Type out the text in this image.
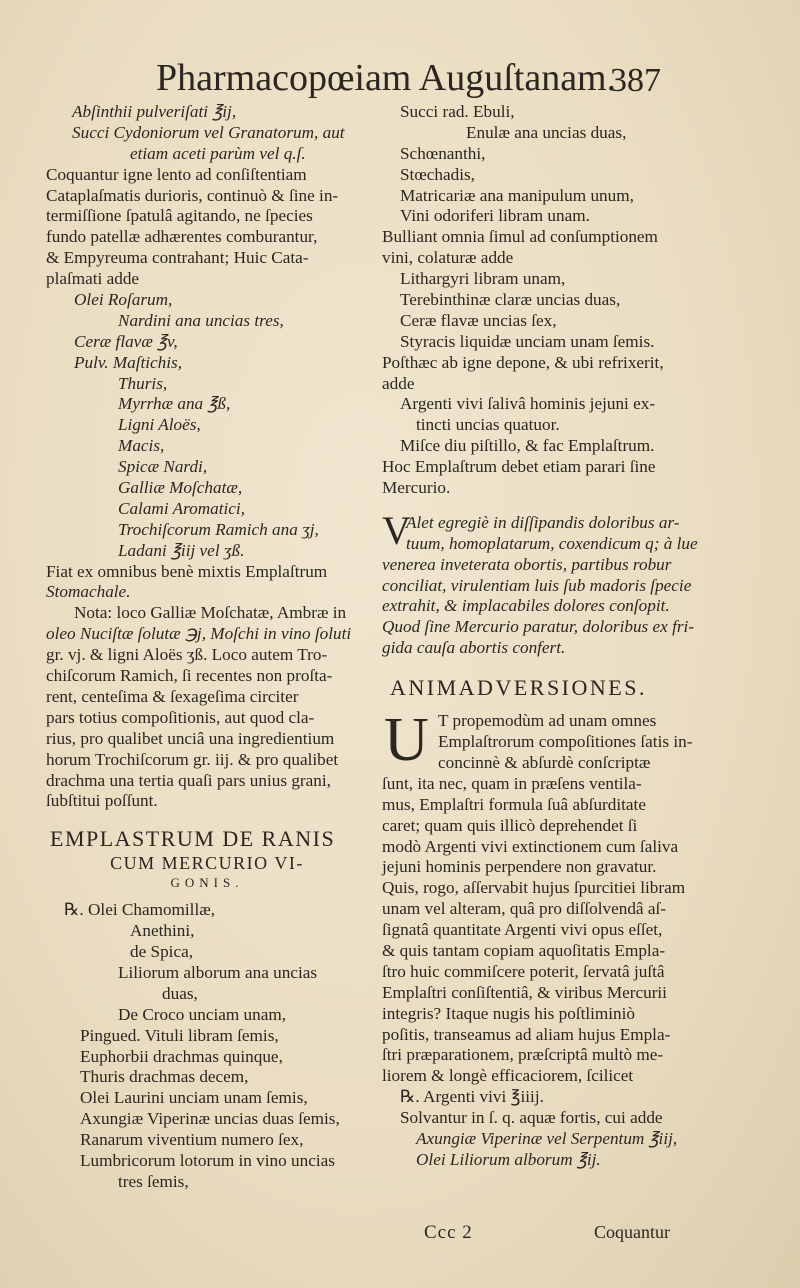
Pharmacopœiam Auguſtanam.
387
Abſinthii pulveriſati ℥ij,
Succi Cydoniorum vel Granatorum, aut
etiam aceti parùm vel q.ſ.
Coquantur igne lento ad conſiſtentiam
Cataplaſmatis durioris, continuò & ſine in-
termiſſione ſpatulâ agitando, ne ſpecies
fundo patellæ adhærentes comburantur,
& Empyreuma contrahant; Huic Cata-
plaſmati adde
Olei Roſarum,
Nardini ana uncias tres,
Ceræ flavæ ℥v,
Pulv. Maſtichis,
Thuris,
Myrrhæ ana ℥ß,
Ligni Aloës,
Macis,
Spicæ Nardi,
Galliæ Moſchatæ,
Calami Aromatici,
Trochiſcorum Ramich ana ʒj,
Ladani ℥iij vel ʒß.
Fiat ex omnibus benè mixtis Emplaſtrum
Stomachale.
Nota: loco Galliæ Moſchatæ, Ambræ in
oleo Nuciſtæ ſolutæ ℈j, Moſchi in vino ſoluti
gr. vj. & ligni Aloës ʒß. Loco autem Tro-
chiſcorum Ramich, ſi recentes non proſta-
rent, centeſima & ſexageſima circiter
pars totius compoſitionis, aut quod cla-
rius, pro qualibet unciâ una ingredientium
horum Trochiſcorum gr. iij. & pro qualibet
drachma una tertia quaſi pars unius grani,
ſubſtitui poſſunt.
EMPLASTRUM DE RANIS
CUM MERCURIO VI-
GONIS.
℞. Olei Chamomillæ,
Anethini,
de Spica,
Liliorum alborum ana uncias
duas,
De Croco unciam unam,
Pingued. Vituli libram ſemis,
Euphorbii drachmas quinque,
Thuris drachmas decem,
Olei Laurini unciam unam ſemis,
Axungiæ Viperinæ uncias duas ſemis,
Ranarum viventium numero ſex,
Lumbricorum lotorum in vino uncias
tres ſemis,
Succi rad. Ebuli,
Enulæ ana uncias duas,
Schœnanthi,
Stœchadis,
Matricariæ ana manipulum unum,
Vini odoriferi libram unam.
Bulliant omnia ſimul ad conſumptionem
vini, colaturæ adde
Lithargyri libram unam,
Terebinthinæ claræ uncias duas,
Ceræ flavæ uncias ſex,
Styracis liquidæ unciam unam ſemis.
Poſthæc ab igne depone, & ubi refrixerit,
adde
Argenti vivi ſalivâ hominis jejuni ex-
tincti uncias quatuor.
Miſce diu piſtillo, & fac Emplaſtrum.
Hoc Emplaſtrum debet etiam parari ſine
Mercurio.
V
Alet egregiè in diſſipandis doloribus ar-
tuum, homoplatarum, coxendicum q; à lue
venerea inveterata obortis, partibus robur
conciliat, virulentiam luis ſub madoris ſpecie
extrahit, & implacabiles dolores conſopit.
Quod ſine Mercurio paratur, doloribus ex fri-
gida cauſa abortis confert.
ANIMADVERSIONES.
U T propemodùm ad unam omnes
Emplaſtrorum compoſitiones ſatis in-
concinnè & abſurdè conſcriptæ
ſunt, ita nec, quam in præſens ventila-
mus, Emplaſtri formula ſuâ abſurditate
caret; quam quis illicò deprehendet ſi
modò Argenti vivi extinctionem cum ſaliva
jejuni hominis perpendere non gravatur.
Quis, rogo, aſſervabit hujus ſpurcitiei libram
unam vel alteram, quâ pro diſſolvendâ aſ-
ſignatâ quantitate Argenti vivi opus eſſet,
& quis tantam copiam aquoſitatis Empla-
ſtro huic commiſcere poterit, ſervatâ juſtâ
Emplaſtri conſiſtentiâ, & viribus Mercurii
integris? Itaque nugis his poſtliminiò
poſitis, transeamus ad aliam hujus Empla-
ſtri præparationem, præſcriptâ multò me-
liorem & longè efficaciorem, ſcilicet
℞. Argenti vivi ℥iiij.
Solvantur in ſ. q. aquæ fortis, cui adde
Axungiæ Viperinæ vel Serpentum ℥iij,
Olei Liliorum alborum ℥ij.
Ccc 2	Coquantur
